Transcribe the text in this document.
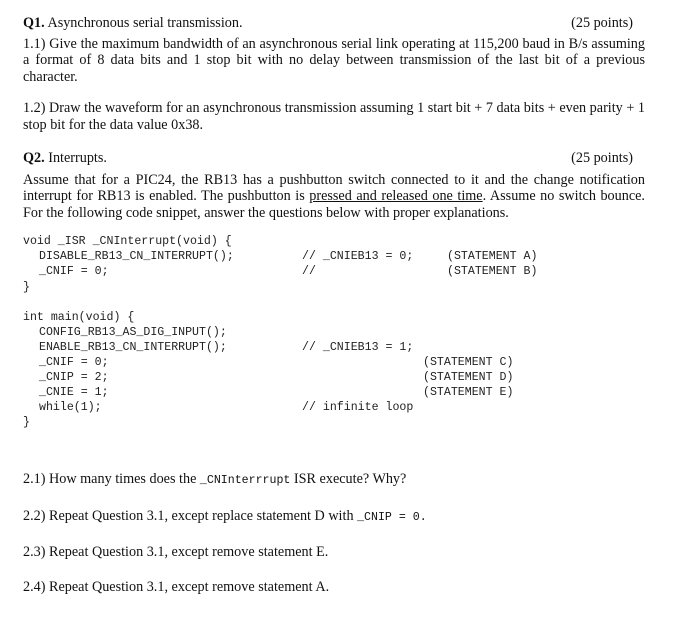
Q1. Asynchronous serial transmission.	(25 points)

1.1) Give the maximum bandwidth of an asynchronous serial link operating at 115,200 baud in B/s assuming a format of 8 data bits and 1 stop bit with no delay between transmission of the last bit of a previous character.

1.2) Draw the waveform for an asynchronous transmission assuming 1 start bit + 7 data bits + even parity + 1 stop bit for the data value 0x38.

Q2. Interrupts.	(25 points)

Assume that for a PIC24, the RB13 has a pushbutton switch connected to it and the change notification interrupt for RB13 is enabled. The pushbutton is pressed and released one time. Assume no switch bounce. For the following code snippet, answer the questions below with proper explanations.

void _ISR _CNInterrupt(void) {
DISABLE_RB13_CN_INTERRUPT();	// _CNIEB13 = 0;	(STATEMENT A)
_CNIF = 0;	//	(STATEMENT B)
}
int main(void) {
CONFIG_RB13_AS_DIG_INPUT();
ENABLE_RB13_CN_INTERRUPT();	// _CNIEB13 = 1;
_CNIF = 0;	(STATEMENT C)
_CNIP = 2;	(STATEMENT D)
_CNIE = 1;	(STATEMENT E)
while(1);	// infinite loop
}
2.1) How many times does the _CNInterrrupt ISR execute? Why?
2.2) Repeat Question 3.1, except replace statement D with _CNIP = 0.
2.3) Repeat Question 3.1, except remove statement E.
2.4) Repeat Question 3.1, except remove statement A.
